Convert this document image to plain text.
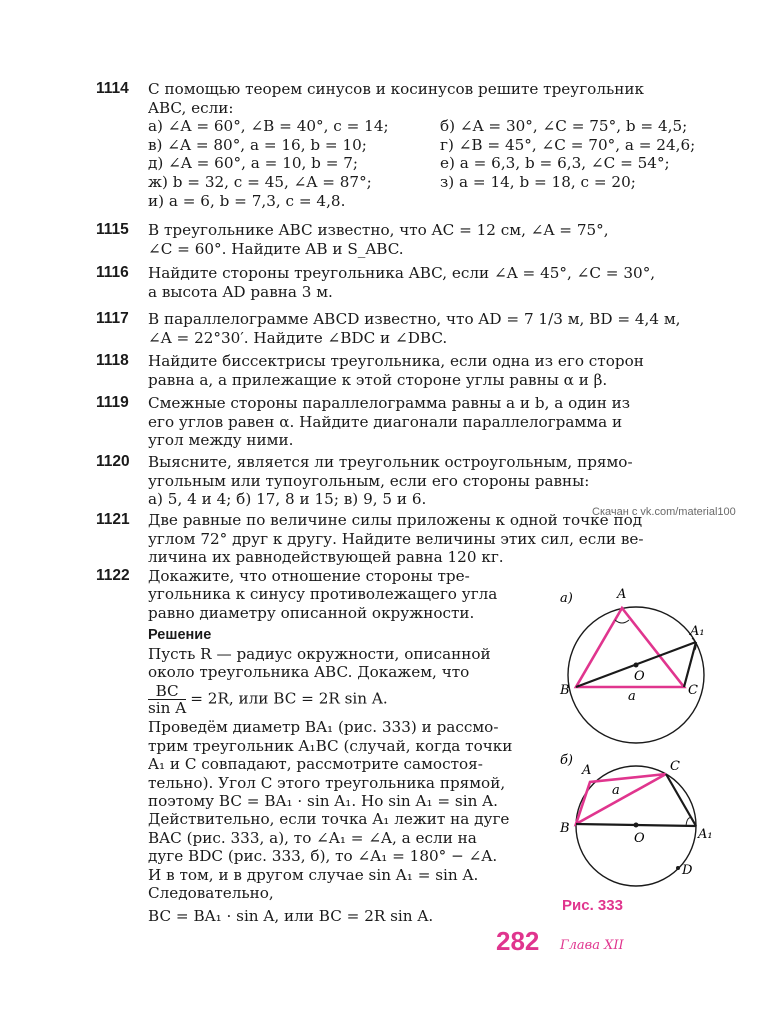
1114 С помощью теорем синусов и косинусов решите треугольник
ABC, если:
а) ∠A = 60°, ∠B = 40°, c = 14;	б) ∠A = 30°, ∠C = 75°, b = 4,5;
в) ∠A = 80°, a = 16, b = 10;	г) ∠B = 45°, ∠C = 70°, a = 24,6;
д) ∠A = 60°, a = 10, b = 7;	е) a = 6,3, b = 6,3, ∠C = 54°;
ж) b = 32, c = 45, ∠A = 87°;	з) a = 14, b = 18, c = 20;
и) a = 6, b = 7,3, c = 4,8.
1115 В треугольнике ABC известно, что AC = 12 см, ∠A = 75°,
∠C = 60°. Найдите AB и S_ABC.
1116 Найдите стороны треугольника ABC, если ∠A = 45°, ∠C = 30°,
а высота AD равна 3 м.
1117 В параллелограмме ABCD известно, что AD = 7 1/3 м, BD = 4,4 м,
∠A = 22°30′. Найдите ∠BDC и ∠DBC.
1118 Найдите биссектрисы треугольника, если одна из его сторон
равна a, а прилежащие к этой стороне углы равны α и β.
1119 Смежные стороны параллелограмма равны a и b, а один из
его углов равен α. Найдите диагонали параллелограмма и
угол между ними.
1120 Выясните, является ли треугольник остроугольным, прямо-
угольным или тупоугольным, если его стороны равны:
а) 5, 4 и 4; б) 17, 8 и 15; в) 9, 5 и 6.
Скачан с vk.com/material100
1121 Две равные по величине силы приложены к одной точке под
углом 72° друг к другу. Найдите величины этих сил, если ве-
личина их равнодействующей равна 120 кг.
1122	Докажите, что отношение стороны тре-
угольника к синусу противолежащего угла
равно диаметру описанной окружности.
Решение
Пусть R — радиус окружности, описанной
около треугольника ABC. Докажем, что
$\frac{BC}{\text{sin A}} = 2R$, или BC = 2R sin A.
Проведём диаметр BA₁ (рис. 333) и рассмо-
трим треугольник A₁BC (случай, когда точки
A₁ и C совпадают, рассмотрите самостоя-
тельно). Угол C этого треугольника прямой,
поэтому BC = BA₁ · sin A₁. Но sin A₁ = sin A.
Действительно, если точка A₁ лежит на дуге
BAC (рис. 333, а), то ∠A₁ = ∠A, а если на
дуге BDC (рис. 333, б), то ∠A₁ = 180° − ∠A.
И в том, и в другом случае sin A₁ = sin A.
Следовательно,
BC = BA₁ · sin A, или BC = 2R sin A.
а)	A
A₁
B	C
O
a
б)
A	C
B	A₁
O
D
a
Рис. 333
282 Глава XII
